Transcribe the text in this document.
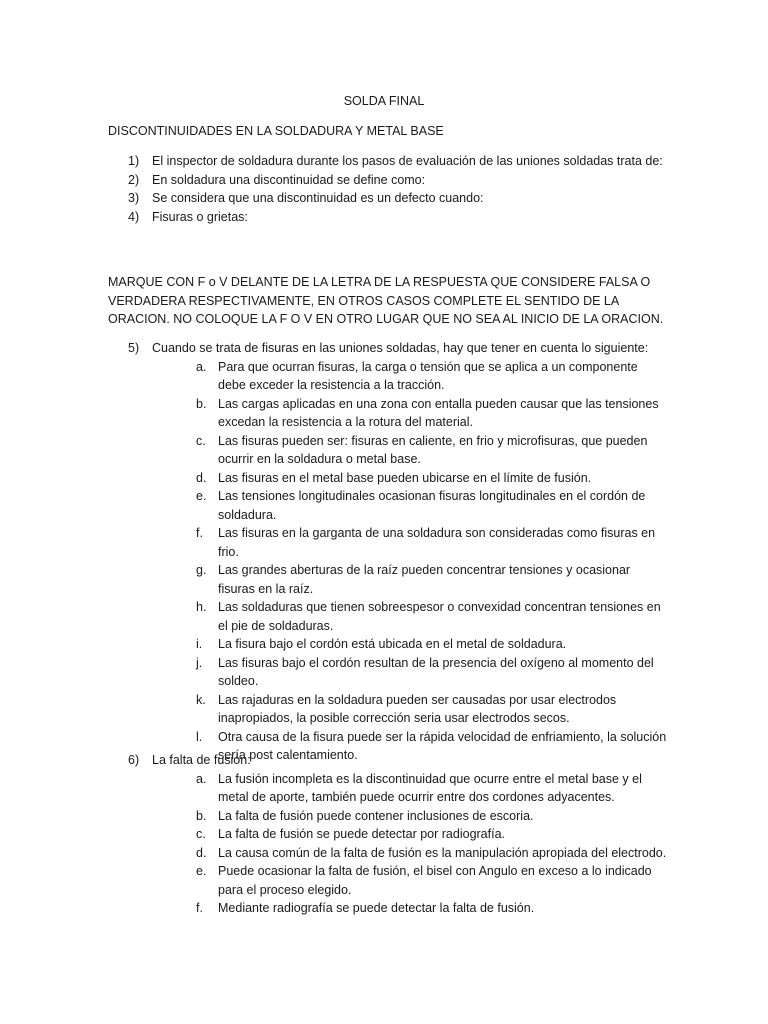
SOLDA FINAL
DISCONTINUIDADES EN LA SOLDADURA Y METAL BASE
1) El inspector de soldadura durante los pasos de evaluación de las uniones soldadas trata de:
2) En soldadura una discontinuidad se define como:
3) Se considera que una discontinuidad es un defecto cuando:
4) Fisuras o grietas:
MARQUE CON F o V DELANTE DE LA LETRA DE LA RESPUESTA QUE CONSIDERE FALSA O VERDADERA RESPECTIVAMENTE, EN OTROS CASOS COMPLETE EL SENTIDO DE LA ORACION. NO COLOQUE LA F O V EN OTRO LUGAR QUE NO SEA AL INICIO DE LA ORACION.
5) Cuando se trata de fisuras en las uniones soldadas, hay que tener en cuenta lo siguiente:
a. Para que ocurran fisuras, la carga o tensión que se aplica a un componente debe exceder la resistencia a la tracción.
b. Las cargas aplicadas en una zona con entalla pueden causar que las tensiones excedan la resistencia a la rotura del material.
c. Las fisuras pueden ser: fisuras en caliente, en frio y microfisuras, que pueden ocurrir en la soldadura o metal base.
d. Las fisuras en el metal base pueden ubicarse en el límite de fusión.
e. Las tensiones longitudinales ocasionan fisuras longitudinales en el cordón de soldadura.
f. Las fisuras en la garganta de una soldadura son consideradas como fisuras en frio.
g. Las grandes aberturas de la raíz pueden concentrar tensiones y ocasionar fisuras en la raíz.
h. Las soldaduras que tienen sobreespesor o convexidad concentran tensiones en el pie de soldaduras.
i. La fisura bajo el cordón está ubicada en el metal de soldadura.
j. Las fisuras bajo el cordón resultan de la presencia del oxígeno al momento del soldeo.
k. Las rajaduras en la soldadura pueden ser causadas por usar electrodos inapropiados, la posible corrección seria usar electrodos secos.
l. Otra causa de la fisura puede ser la rápida velocidad de enfriamiento, la solución sería post calentamiento.
6) La falta de fusión:
a. La fusión incompleta es la discontinuidad que ocurre entre el metal base y el metal de aporte, también puede ocurrir entre dos cordones adyacentes.
b. La falta de fusión puede contener inclusiones de escoria.
c. La falta de fusión se puede detectar por radiografía.
d. La causa común de la falta de fusión es la manipulación apropiada del electrodo.
e. Puede ocasionar la falta de fusión, el bisel con Angulo en exceso a lo indicado para el proceso elegido.
f. Mediante radiografía se puede detectar la falta de fusión.
